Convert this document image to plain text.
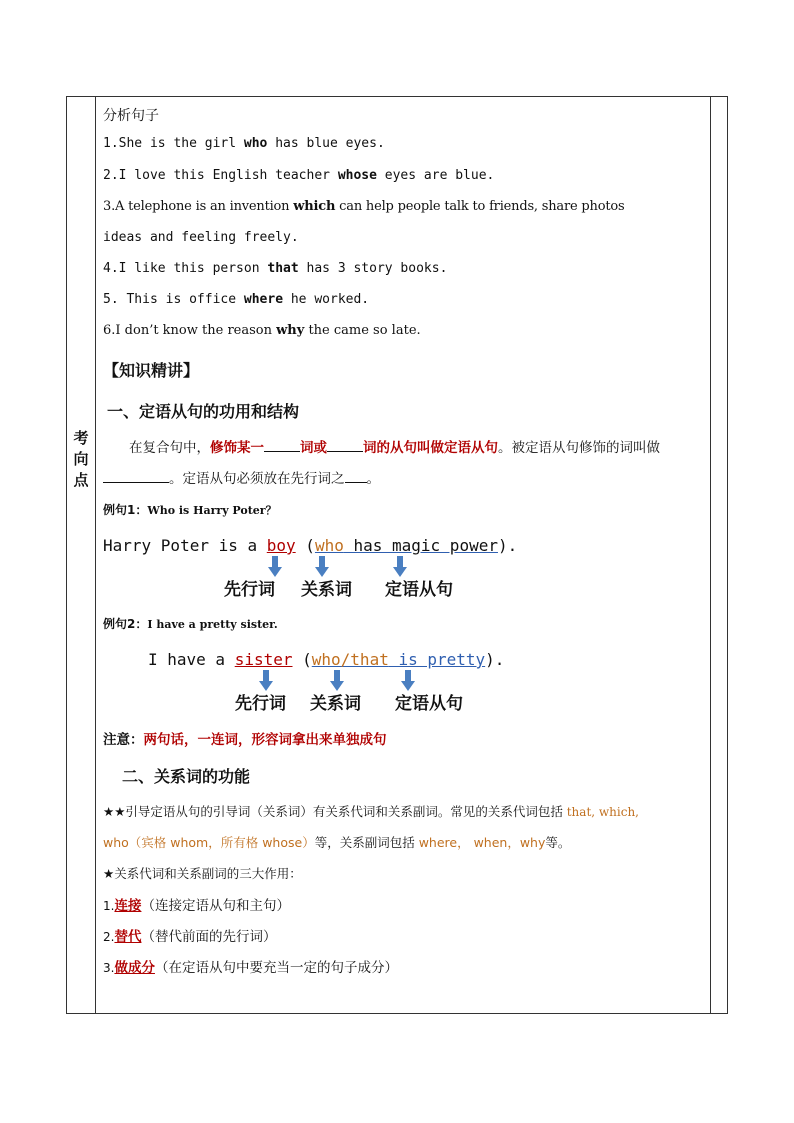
考
向
点
分析句子
1.She is the girl who has blue eyes.
2.I love this English teacher whose eyes are blue.
3.A telephone is an invention which can help people talk to friends, share photos
ideas and feeling freely.
4.I like this person that has 3 story books.
5. This is office where he worked.
6.I don’t know the reason why the came so late.
【知识精讲】
一、定语从句的功用和结构
在复合句中，修饰某一	词或	词的从句叫做定语从句。被定语从句修饰的词叫做
。定语从句必须放在先行词之 。
例句1：Who is Harry Poter？
Harry Poter is a boy (who has magic power).
先行词 关系词 定语从句
例句2：I have a pretty sister.
I have a sister (who/that is pretty).
先行词 关系词 定语从句
注意：两句话，一连词，形容词拿出来单独成句
二、关系词的功能
★★引导定语从句的引导词（关系词）有关系代词和关系副词。常见的关系代词包括 that, which,
who（宾格 whom，所有格 whose）等，关系副词包括 where， when，why等。
★关系代词和关系副词的三大作用：
1.连接（连接定语从句和主句）
2.替代（替代前面的先行词）
3.做成分（在定语从句中要充当一定的句子成分）
